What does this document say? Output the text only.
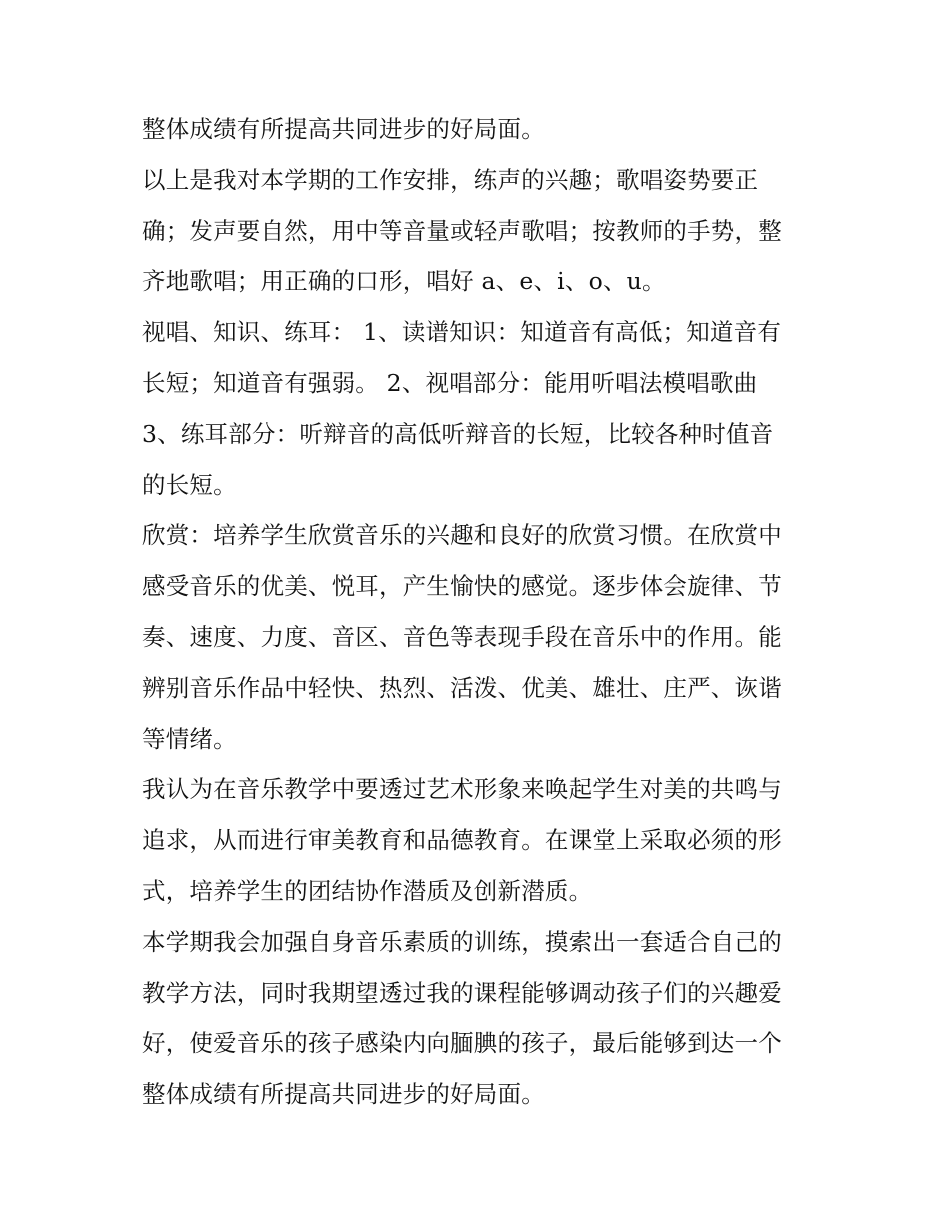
整体成绩有所提高共同进步的好局面。
以上是我对本学期的工作安排，练声的兴趣；歌唱姿势要正
确；发声要自然，用中等音量或轻声歌唱；按教师的手势，整
齐地歌唱；用正确的口形，唱好 a、e、i、o、u。
视唱、知识、练耳： 1、读谱知识：知道音有高低；知道音有
长短；知道音有强弱。 2、视唱部分：能用听唱法模唱歌曲
3、练耳部分：听辩音的高低听辩音的长短，比较各种时值音
的长短。
欣赏：培养学生欣赏音乐的兴趣和良好的欣赏习惯。在欣赏中
感受音乐的优美、悦耳，产生愉快的感觉。逐步体会旋律、节
奏、速度、力度、音区、音色等表现手段在音乐中的作用。能
辨别音乐作品中轻快、热烈、活泼、优美、雄壮、庄严、诙谐
等情绪。
我认为在音乐教学中要透过艺术形象来唤起学生对美的共鸣与
追求，从而进行审美教育和品德教育。在课堂上采取必须的形
式，培养学生的团结协作潜质及创新潜质。
本学期我会加强自身音乐素质的训练，摸索出一套适合自己的
教学方法，同时我期望透过我的课程能够调动孩子们的兴趣爱
好，使爱音乐的孩子感染内向腼腆的孩子，最后能够到达一个
整体成绩有所提高共同进步的好局面。
